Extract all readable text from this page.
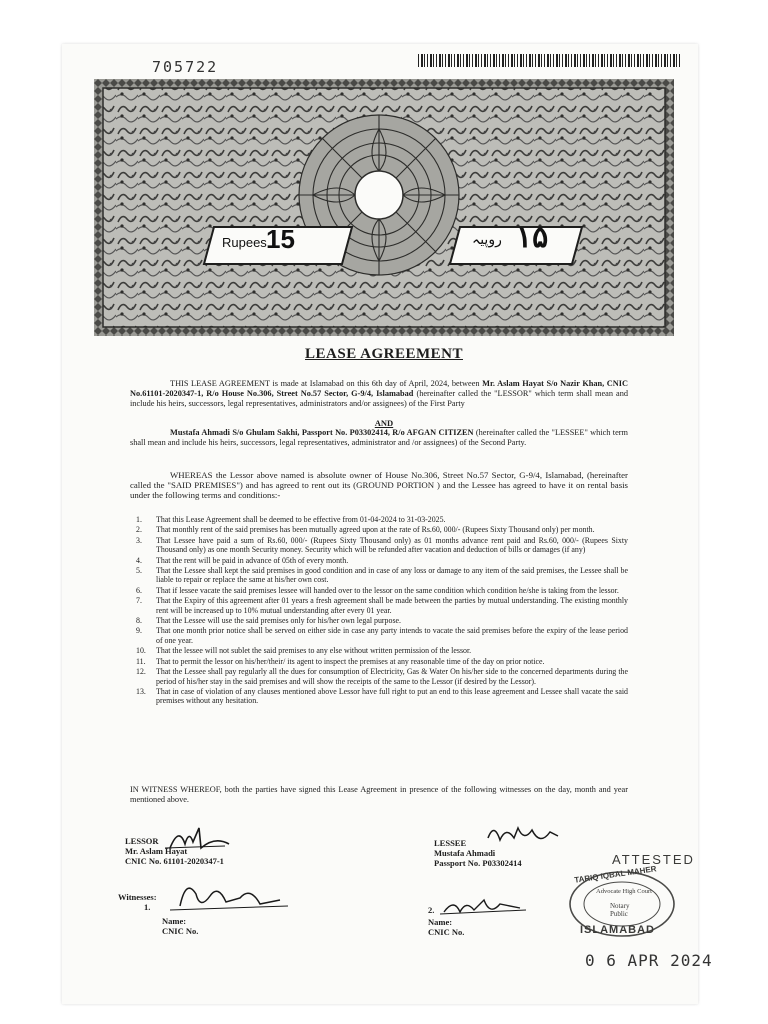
705722
Rupees 15	روپیہ ۱۵
LEASE AGREEMENT
THIS LEASE AGREEMENT is made at Islamabad on this 6th day of April, 2024, between Mr. Aslam Hayat S/o Nazir Khan, CNIC No.61101-2020347-1, R/o House No.306, Street No.57 Sector, G-9/4, Islamabad (hereinafter called the "LESSOR" which term shall mean and include his heirs, successors, legal representatives, administrators and/or assignees) of the First Party
AND
Mustafa Ahmadi S/o Ghulam Sakhi, Passport No. P03302414, R/o AFGAN CITIZEN (hereinafter called the "LESSEE" which term shall mean and include his heirs, successors, legal representatives, administrator and /or assignees) of the Second Party.
WHEREAS the Lessor above named is absolute owner of House No.306, Street No.57 Sector, G-9/4, Islamabad, (hereinafter called the "SAID PREMISES") and has agreed to rent out its (GROUND PORTION ) and the Lessee has agreed to have it on rental basis under the following terms and conditions:-
1.	That this Lease Agreement shall be deemed to be effective from 01-04-2024 to 31-03-2025.
2.	That monthly rent of the said premises has been mutually agreed upon at the rate of Rs.60, 000/- (Rupees Sixty Thousand only) per month.
3.	That Lessee have paid a sum of Rs.60, 000/- (Rupees Sixty Thousand only) as 01 months advance rent paid and Rs.60, 000/- (Rupees Sixty Thousand only) as one month Security money. Security which will be refunded after vacation and deduction of bills or damages (if any)
4.	That the rent will be paid in advance of 05th of every month.
5.	That the Lessee shall kept the said premises in good condition and in case of any loss or damage to any item of the said premises, the Lessee shall be liable to repair or replace the same at his/her own cost.
6.	That if lessee vacate the said premises lessee will handed over to the lessor on the same condition which condition he/she is taking from the lessor.
7.	That the Expiry of this agreement after 01 years a fresh agreement shall be made between the parties by mutual understanding. The existing monthly rent will be increased up to 10% mutual understanding after every 01 year.
8.	That the Lessee will use the said premises only for his/her own legal purpose.
9.	That one month prior notice shall be served on either side in case any party intends to vacate the said premises before the expiry of the lease period of one year.
10.	That the lessee will not sublet the said premises to any else without written permission of the lessor.
11.	That to permit the lessor on his/her/their/ its agent to inspect the premises at any reasonable time of the day on prior notice.
12.	That the Lessee shall pay regularly all the dues for consumption of Electricity, Gas & Water On his/her side to the concerned departments during the period of his/her stay in the said premises and will show the receipts of the same to the Lessor (if desired by the Lessor).
13.	That in case of violation of any clauses mentioned above Lessor have full right to put an end to this lease agreement and Lessee shall vacate the said premises without any hesitation.
IN WITNESS WHEREOF, both the parties have signed this Lease Agreement in presence of the following witnesses on the day, month and year mentioned above.
LESSOR
Mr. Aslam Hayat
CNIC No. 61101-2020347-1
LESSEE
Mustafa Ahmadi
Passport No. P03302414
Witnesses:
1.
Name:
CNIC No.
2.
Name:
CNIC No.
ATTESTED
TARIQ IQBAL MAHER
Advocate High Court
Notary Public
ISLAMABAD
0 6 APR 2024
